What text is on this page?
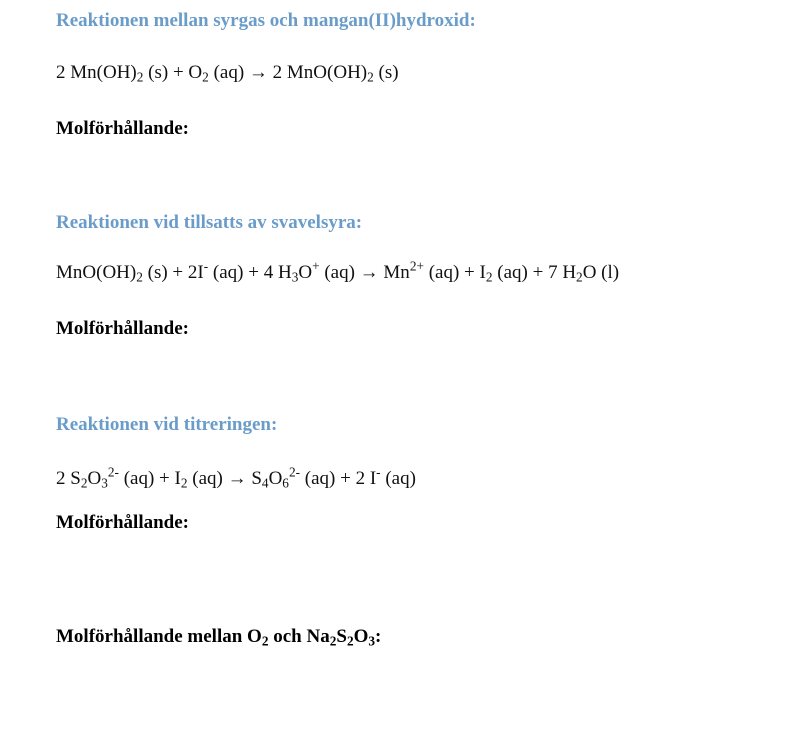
Reaktionen mellan syrgas och mangan(II)hydroxid:
2 $Mn(OH)_2$ $(s) + O_2$ (aq) → 2 $MnO(OH)_2$ (s)
Molförhållande:
Reaktionen vid tillsatts av svavelsyra:
$MnO(OH)_2$ (s) + 2I- (aq) + 4 $H_3O^+$ $(aq) \to Mn^{2+}$ $(aq) + I_2$ (aq) + 7 $H_2O$ (l)
Molförhållande:
Reaktionen vid titreringen:
2 $S_2O_3^{2-}$ $(aq) + I_2$ $(aq) \to S_4O_6^{2-}$ (aq) + 2 I- (aq)
Molförhållande:
Molförhållande mellan $O_2$ och $Na_2S_2O_3$:
